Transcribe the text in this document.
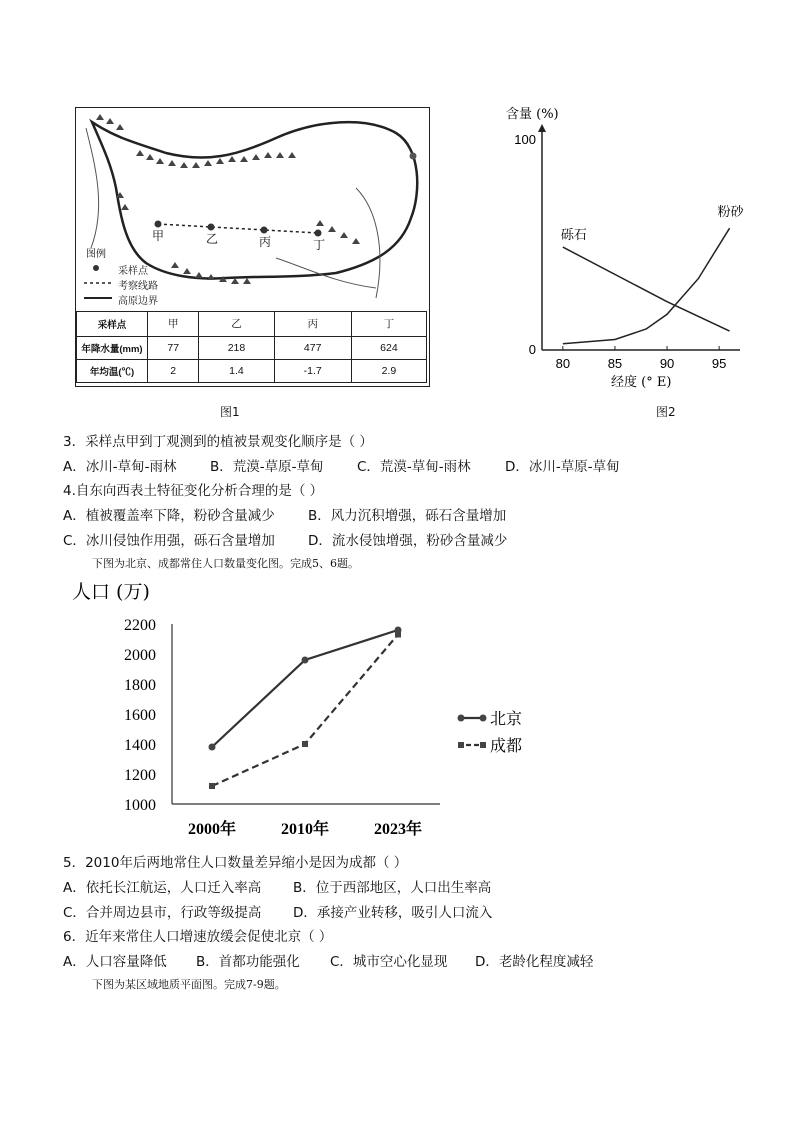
甲	乙	丙	丁
图例
采样点
考察线路
高原边界
采样点	甲	乙	丙	丁
年降水量(mm)	77	218	477	624
年均温(℃)	2	1.4	-1.7	2.9
图1
含量 (%)
经度 (° E)
80	85	90	95
0
100
砾石
粉砂
图2
3．采样点甲到丁观测到的植被景观变化顺序是（ ）
A．冰川-草甸-雨林 B．荒漠-草原-草甸 C．荒漠-草甸-雨林	D．冰川-草原-草甸
4.自东向西表土特征变化分析合理的是（ ）
A．植被覆盖率下降，粉砂含量减少 B．风力沉积增强，砾石含量增加
C．冰川侵蚀作用强，砾石含量增加 D．流水侵蚀增强，粉砂含量减少
下图为北京、成都常住人口数量变化图。完成5、6题。
人口 (万)
2200
2000
1800
1600
1400
1200
1000
2000年	2010年	2023年
北京
成都
5．2010年后两地常住人口数量差异缩小是因为成都（ ）
A．依托长江航运，人口迁入率高 B．位于西部地区，人口出生率高
C．合并周边县市，行政等级提高 D．承接产业转移，吸引人口流入
6．近年来常住人口增速放缓会促使北京（ ）
A．人口容量降低 B．首都功能强化 C．城市空心化显现 D．老龄化程度减轻
下图为某区域地质平面图。完成7-9题。
